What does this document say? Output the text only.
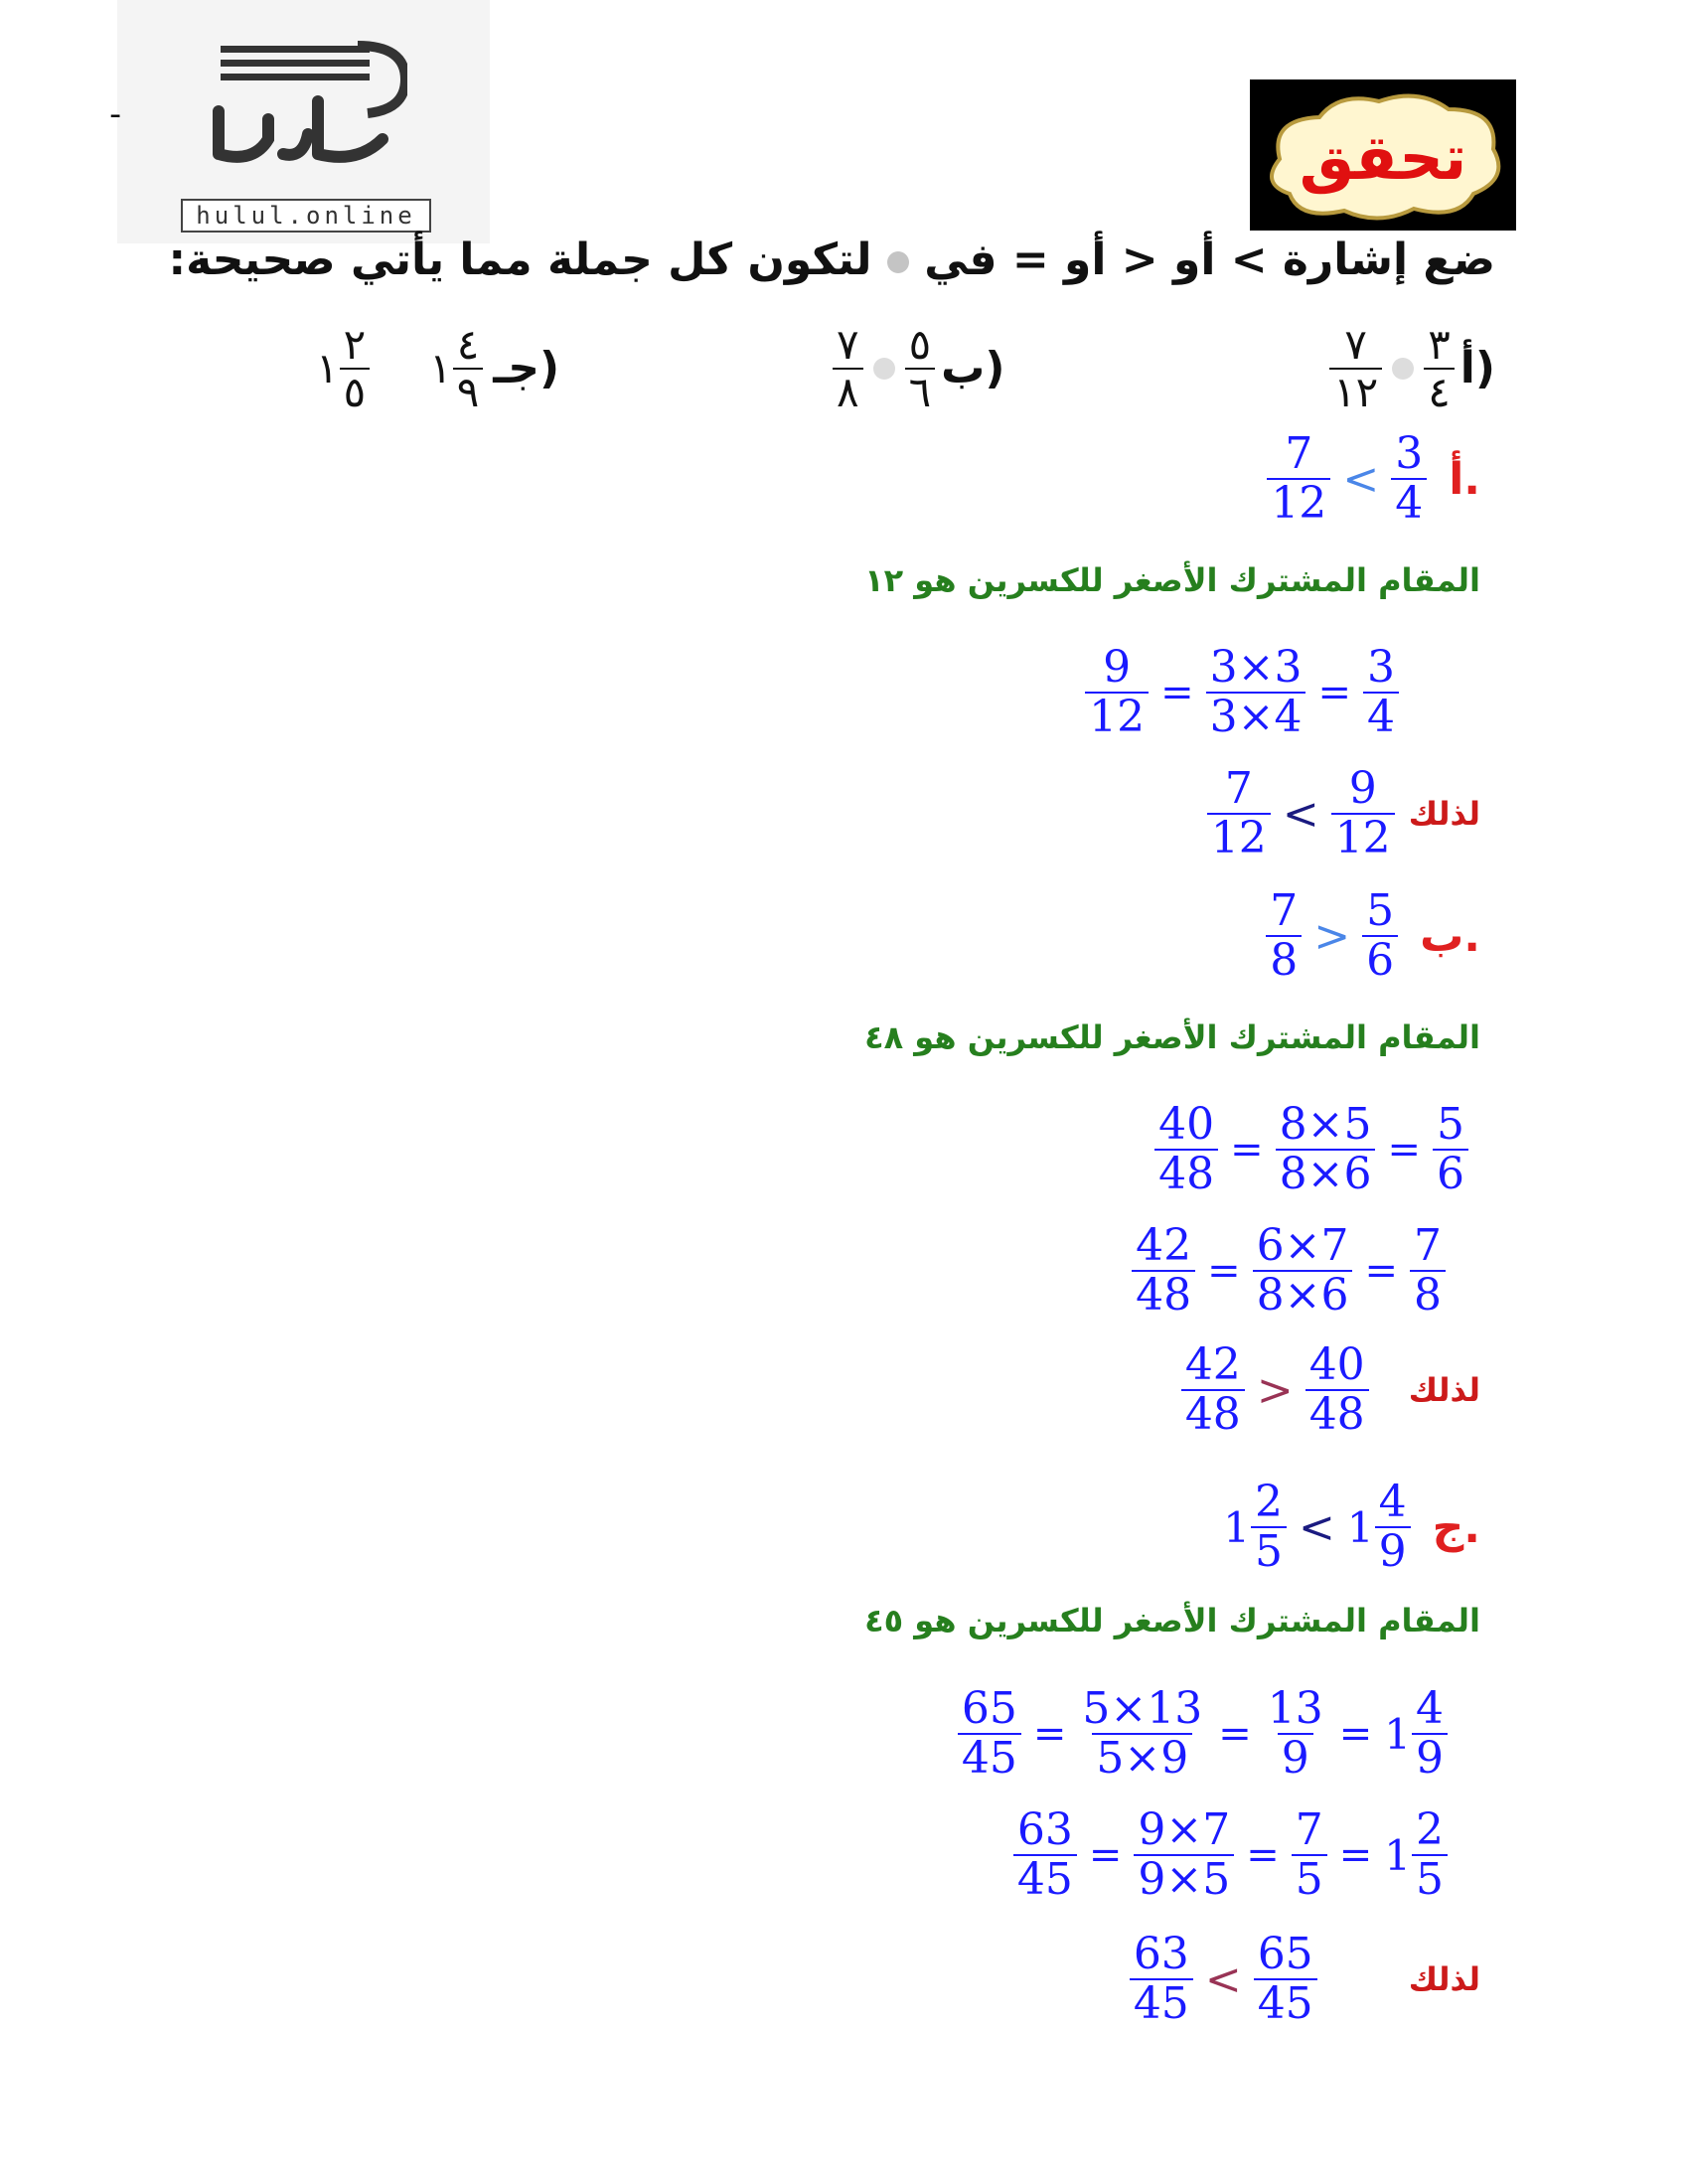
ـ
hulul.online
تحقق
ضع إشارة > أو < أو = في  لتكون كل جملة مما يأتي صحيحة:
$\frac{٧}{١٢} \frac{٣}{٤}$ أ)
$\frac{٧}{٨} \frac{٥}{٦}$ ب)
١ $\frac{٢}{٥}$ ١ $\frac{٤}{٩}$ جـ)
$\frac{7}{12} < \frac{3}{4}$ أ.
المقام المشترك الأصغر للكسرين هو ١٢
$\frac{9}{12} = \frac{3\times 3}{3\times 4} = \frac{3}{4}$
$\frac{7}{12} < \frac{9}{12}$ لذلك
$\frac{7}{8} > \frac{5}{6}$ ب.
المقام المشترك الأصغر للكسرين هو ٤٨
$\frac{40}{48} = \frac{8\times 5}{8\times 6} = \frac{5}{6}$
$\frac{42}{48} = \frac{6\times 7}{8\times 6} = \frac{7}{8}$
$\frac{42}{48} > \frac{40}{48}$ لذلك
$1 \frac{2}{5} < 1 \frac{4}{9}$ ج.
المقام المشترك الأصغر للكسرين هو ٤٥
$\frac{65}{45} = \frac{5\times 13}{5\times 9} = \frac{13}{9} = 1 \frac{4}{9}$
$\frac{63}{45} = \frac{9\times 7}{9\times 5} = \frac{7}{5} = 1 \frac{2}{5}$
$\frac{63}{45} < \frac{65}{45}$	لذلك
